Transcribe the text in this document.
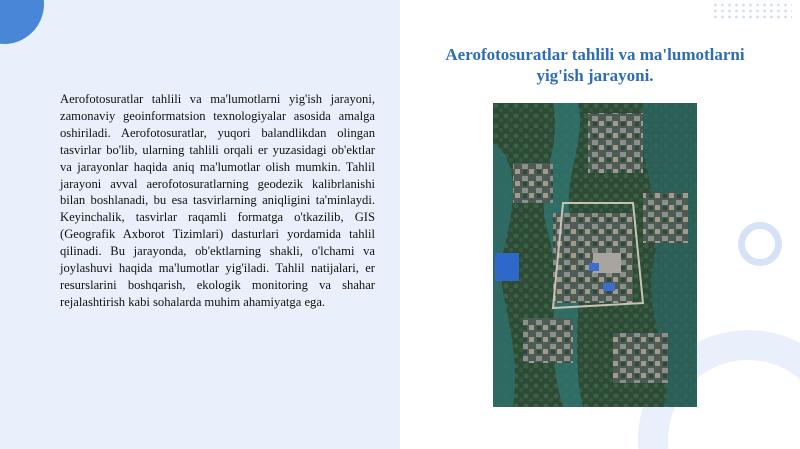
Aerofotosuratlar tahlili va ma'lumotlarni yig'ish jarayoni, zamonaviy geoinformatsion texnologiyalar asosida amalga oshiriladi. Aerofotosuratlar, yuqori balandlikdan olingan tasvirlar bo'lib, ularning tahlili orqali er yuzasidagi ob'ektlar va jarayonlar haqida aniq ma'lumotlar olish mumkin. Tahlil jarayoni avval aerofotosuratlarning geodezik kalibrlanishi bilan boshlanadi, bu esa tasvirlarning aniqligini ta'minlaydi. Keyinchalik, tasvirlar raqamli formatga o'tkazilib, GIS (Geografik Axborot Tizimlari) dasturlari yordamida tahlil qilinadi. Bu jarayonda, ob'ektlarning shakli, o'lchami va joylashuvi haqida ma'lumotlar yig'iladi. Tahlil natijalari, er resurslarini boshqarish, ekologik monitoring va shahar rejalashtirish kabi sohalarda muhim ahamiyatga ega.

Aerofotosuratlar tahlili va ma'lumotlarni yig'ish jarayoni.
